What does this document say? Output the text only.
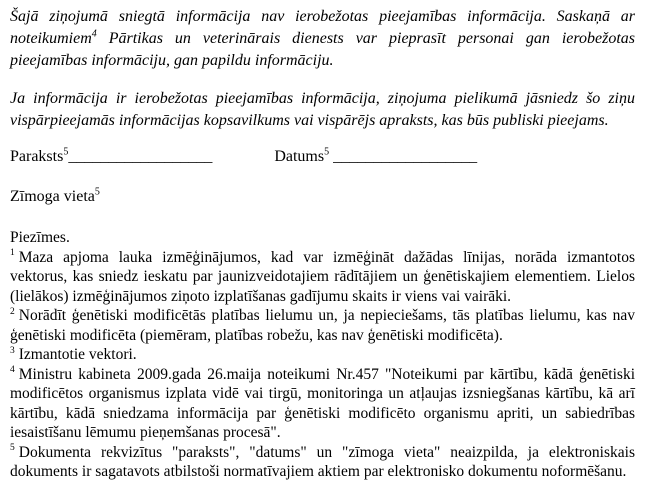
Šajā ziņojumā sniegtā informācija nav ierobežotas pieejamības informācija. Saskaņā ar noteikumiem$^4$ Pārtikas un veterinārais dienests var pieprasīt personai gan ierobežotas pieejamības informāciju, gan papildu informāciju.

Ja informācija ir ierobežotas pieejamības informācija, ziņojuma pielikumā jāsniedz šo ziņu vispārpieejamās informācijas kopsavilkums vai vispārējs apraksts, kas būs publiski pieejams.

Paraksts$^5$__________________	Datums$^5$ __________________
Zīmoga vieta$^5$

Piezīmes.

$^1$ Maza apjoma lauka izmēģinājumos, kad var izmēģināt dažādas līnijas, norāda izmantotos vektorus, kas sniedz ieskatu par jaunizveidotajiem rādītājiem un ģenētiskajiem elementiem. Lielos (lielākos) izmēģinājumos ziņoto izplatīšanas gadījumu skaits ir viens vai vairāki.

$^2$ Norādīt ģenētiski modificētās platības lielumu un, ja nepieciešams, tās platības lielumu, kas nav ģenētiski modificēta (piemēram, platības robežu, kas nav ģenētiski modificēta).

$^3$ Izmantotie vektori.

$^4$ Ministru kabineta 2009.gada 26.maija noteikumi Nr.457 "Noteikumi par kārtību, kādā ģenētiski modificētos organismus izplata vidē vai tirgū, monitoringa un atļaujas izsniegšanas kārtību, kā arī kārtību, kādā sniedzama informācija par ģenētiski modificēto organismu apriti, un sabiedrības iesaistīšanu lēmumu pieņemšanas procesā".

$^5$ Dokumenta rekvizītus "paraksts", "datums" un "zīmoga vieta" neaizpilda, ja elektroniskais dokuments ir sagatavots atbilstoši normatīvajiem aktiem par elektronisko dokumentu noformēšanu.
